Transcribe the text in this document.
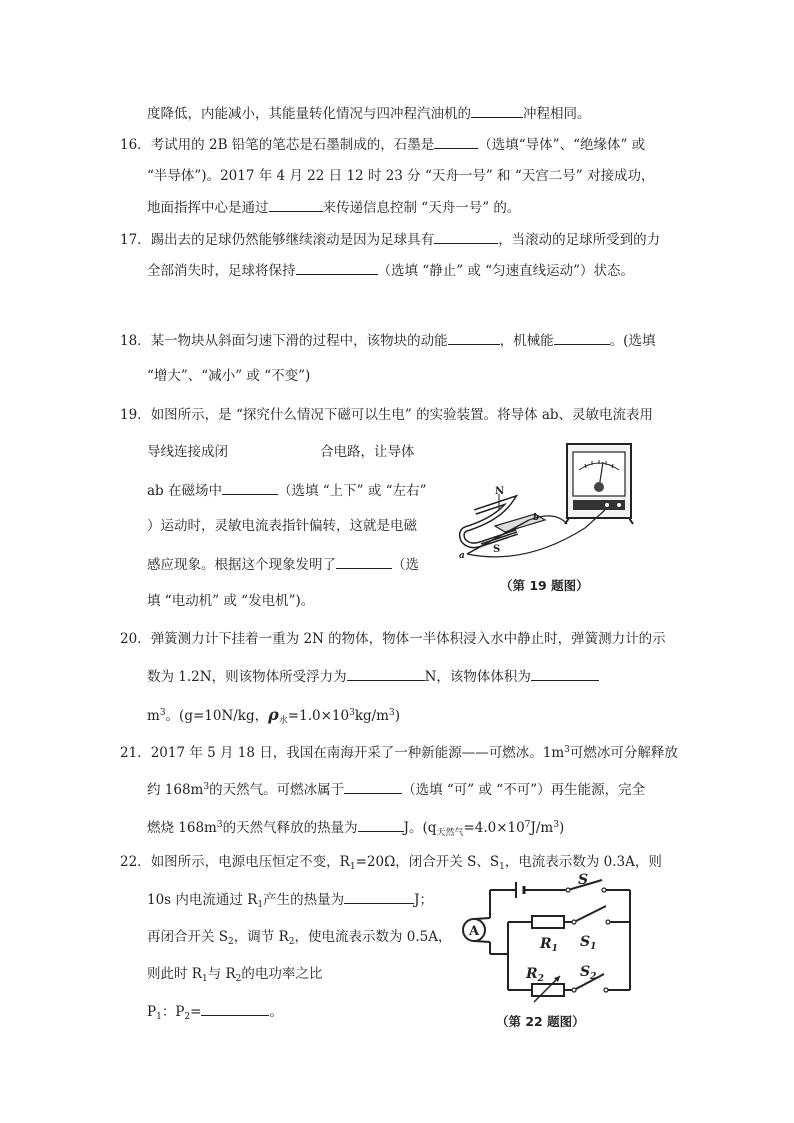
度降低，内能减小，其能量转化情况与四冲程汽油机的	冲程相同。
16．考试用的 2B 铅笔的笔芯是石墨制成的，石墨是	（选填“导体”、“绝缘体” 或
“半导体”)。2017 年 4 月 22 日 12 时 23 分 “天舟一号” 和 “天宫二号” 对接成功，
地面指挥中心是通过	来传递信息控制 “天舟一号” 的。
17．踢出去的足球仍然能够继续滚动是因为足球具有	，当滚动的足球所受到的力
全部消失时，足球将保持	（选填 “静止” 或 “匀速直线运动”）状态。
18．某一物块从斜面匀速下滑的过程中，该物块的动能	，机械能	。(选填
“增大”、“减小” 或 “不变”)
19．如图所示，是 “探究什么情况下磁可以生电” 的实验装置。将导体 ab、灵敏电流表用
导线连接成闭	合电路，让导体
ab 在磁场中	（选填 “上下” 或 “左右”
）运动时，灵敏电流表指针偏转，这就是电磁
感应现象。根据这个现象发明了	（选
填 “电动机” 或 “发电机”)。
N
S
a
b
（第 19 题图）
20．弹簧测力计下挂着一重为 2N 的物体，物体一半体积浸入水中静止时，弹簧测力计的示
数为 1.2N，则该物体所受浮力为	N，该物体体积为
$m^3$。(g=10N/kg，$\rho_水=1.0\times 10^3kg/m^3$)
21．2017 年 5 月 18 日，我国在南海开采了一种新能源——可燃冰。$1m^3$可燃冰可分解释放
约 $168m^3$的天然气。可燃冰属于	（选填 “可” 或 “不可”）再生能源，完全
燃烧 $168m^3$的天然气释放的热量为	J。$(q_{天然气}=4.0\times 10^7J/m^3)$
22．如图所示，电源电压恒定不变，$R_1=20\Omega$，闭合开关 S、$S_1$，电流表示数为 0.3A，则
10s 内电流通过 $R_1$产生的热量为	J；
再闭合开关 $S_2$，调节 $R_2$，使电流表示数为 0.5A，
则此时 $R_1$与 $R_2$的电功率之比
$P_1$：$P_2=$	。
A
S
$R_1$ $S_1$
$R_2$	$S_2$
（第 22 题图）
